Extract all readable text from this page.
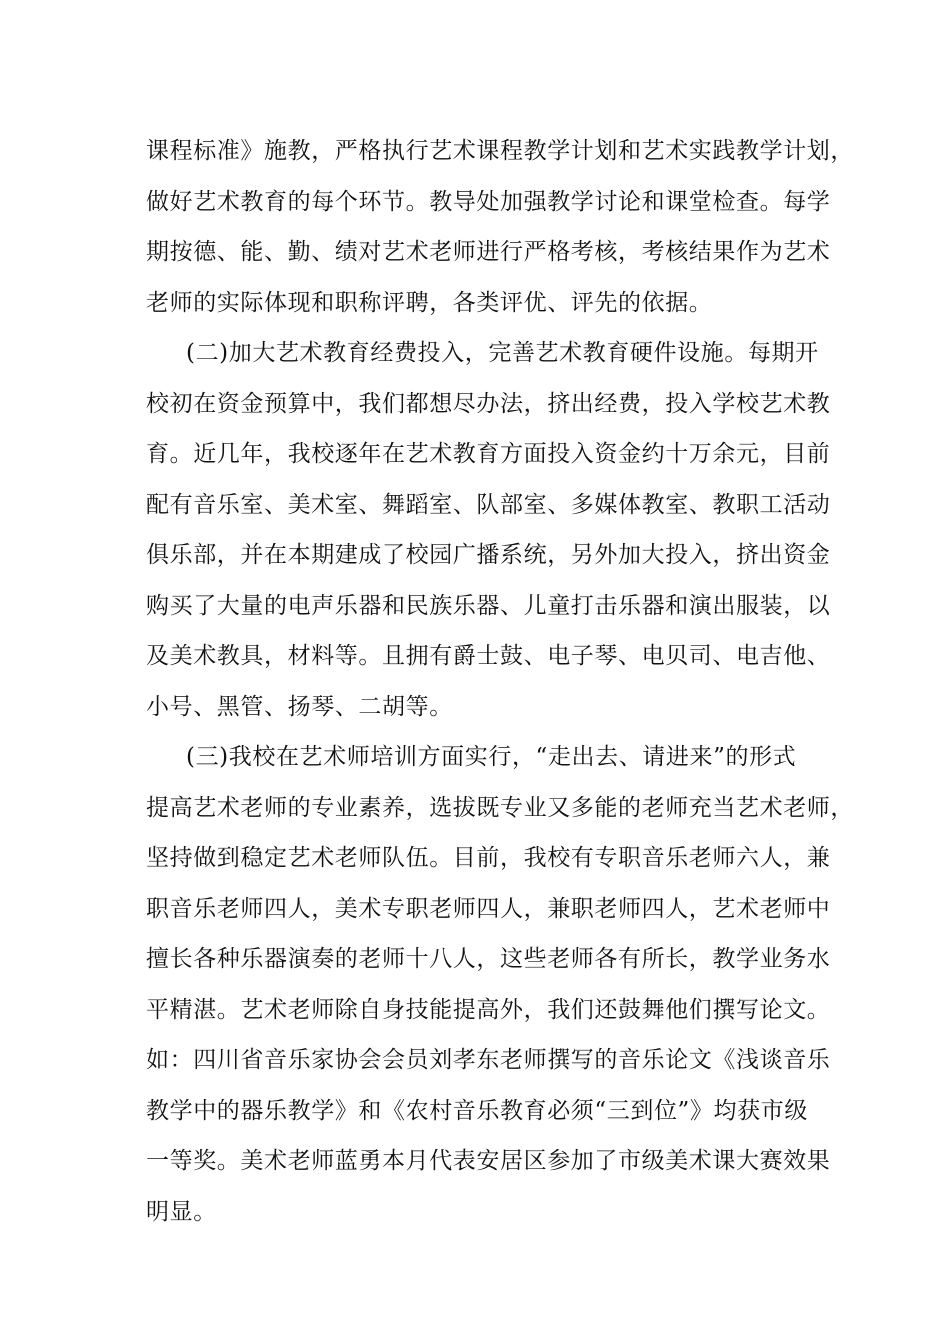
课程标准》施教，严格执行艺术课程教学计划和艺术实践教学计划，
做好艺术教育的每个环节。教导处加强教学讨论和课堂检查。每学
期按德、能、勤、绩对艺术老师进行严格考核，考核结果作为艺术
老师的实际体现和职称评聘，各类评优、评先的依据。
(二)加大艺术教育经费投入，完善艺术教育硬件设施。每期开
校初在资金预算中，我们都想尽办法，挤出经费，投入学校艺术教
育。近几年，我校逐年在艺术教育方面投入资金约十万余元，目前
配有音乐室、美术室、舞蹈室、队部室、多媒体教室、教职工活动
俱乐部，并在本期建成了校园广播系统，另外加大投入，挤出资金
购买了大量的电声乐器和民族乐器、儿童打击乐器和演出服装，以
及美术教具，材料等。且拥有爵士鼓、电子琴、电贝司、电吉他、
小号、黑管、扬琴、二胡等。
(三)我校在艺术师培训方面实行，“走出去、请进来”的形式
提高艺术老师的专业素养，选拔既专业又多能的老师充当艺术老师，
坚持做到稳定艺术老师队伍。目前，我校有专职音乐老师六人，兼
职音乐老师四人，美术专职老师四人，兼职老师四人，艺术老师中
擅长各种乐器演奏的老师十八人，这些老师各有所长，教学业务水
平精湛。艺术老师除自身技能提高外，我们还鼓舞他们撰写论文。
如：四川省音乐家协会会员刘孝东老师撰写的音乐论文《浅谈音乐
教学中的器乐教学》和《农村音乐教育必须“三到位”》均获市级
一等奖。美术老师蓝勇本月代表安居区参加了市级美术课大赛效果
明显。
